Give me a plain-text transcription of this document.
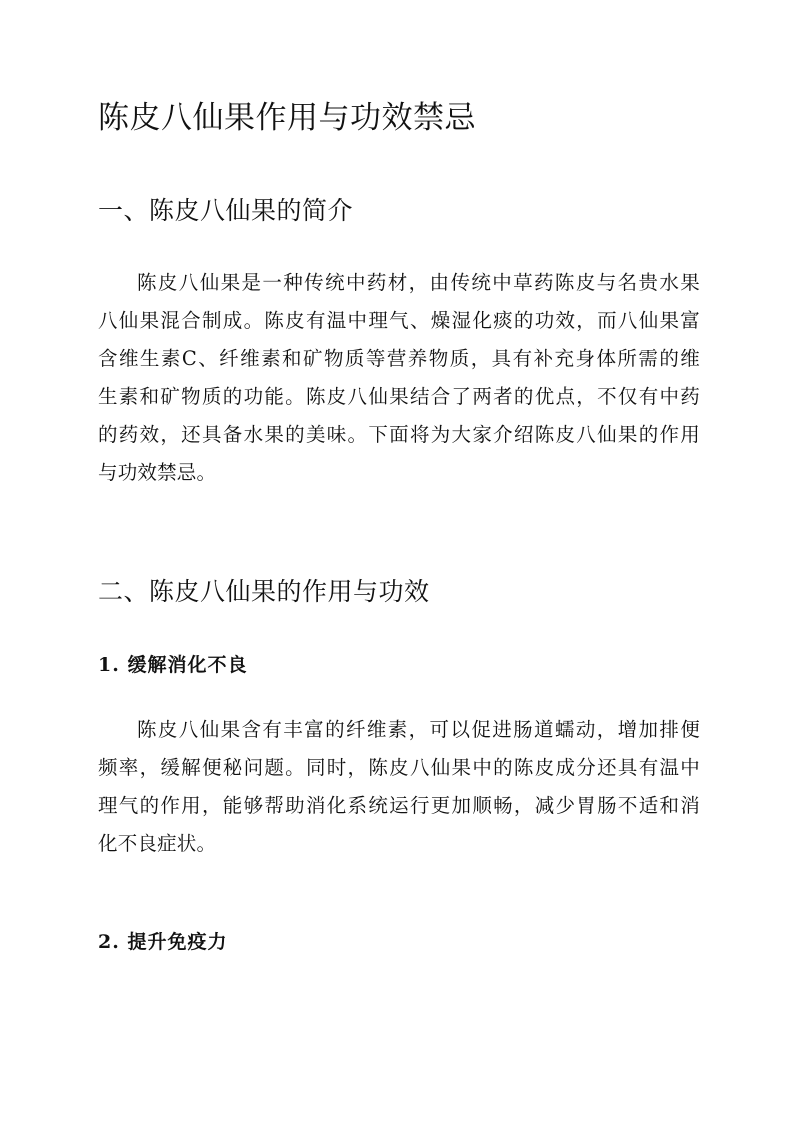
陈皮八仙果作用与功效禁忌
一、陈皮八仙果的简介
陈皮八仙果是一种传统中药材，由传统中草药陈皮与名贵水果
八仙果混合制成。陈皮有温中理气、燥湿化痰的功效，而八仙果富
含维生素C、纤维素和矿物质等营养物质，具有补充身体所需的维
生素和矿物质的功能。陈皮八仙果结合了两者的优点，不仅有中药
的药效，还具备水果的美味。下面将为大家介绍陈皮八仙果的作用
与功效禁忌。
二、陈皮八仙果的作用与功效
1. 缓解消化不良
陈皮八仙果含有丰富的纤维素，可以促进肠道蠕动，增加排便
频率，缓解便秘问题。同时，陈皮八仙果中的陈皮成分还具有温中
理气的作用，能够帮助消化系统运行更加顺畅，减少胃肠不适和消
化不良症状。
2. 提升免疫力
